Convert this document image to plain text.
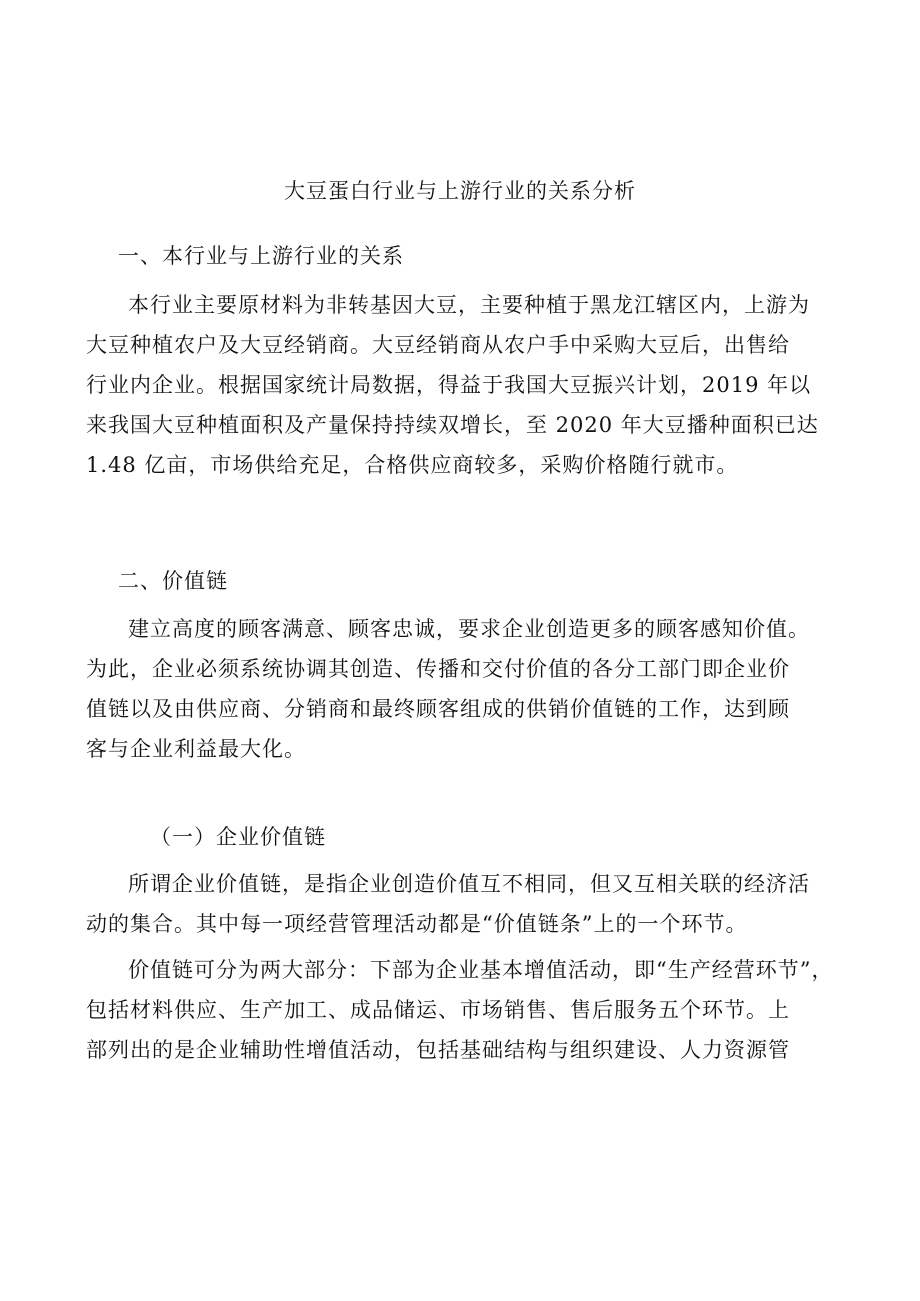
大豆蛋白行业与上游行业的关系分析
一、本行业与上游行业的关系
本行业主要原材料为非转基因大豆，主要种植于黑龙江辖区内，上游为
大豆种植农户及大豆经销商。大豆经销商从农户手中采购大豆后，出售给
行业内企业。根据国家统计局数据，得益于我国大豆振兴计划，2019 年以
来我国大豆种植面积及产量保持持续双增长，至 2020 年大豆播种面积已达
1.48 亿亩，市场供给充足，合格供应商较多，采购价格随行就市。
二、价值链
建立高度的顾客满意、顾客忠诚，要求企业创造更多的顾客感知价值。
为此，企业必须系统协调其创造、传播和交付价值的各分工部门即企业价
值链以及由供应商、分销商和最终顾客组成的供销价值链的工作，达到顾
客与企业利益最大化。
（一）企业价值链
所谓企业价值链，是指企业创造价值互不相同，但又互相关联的经济活
动的集合。其中每一项经营管理活动都是“价值链条”上的一个环节。
价值链可分为两大部分：下部为企业基本增值活动，即“生产经营环节”，
包括材料供应、生产加工、成品储运、市场销售、售后服务五个环节。上
部列出的是企业辅助性增值活动，包括基础结构与组织建设、人力资源管
